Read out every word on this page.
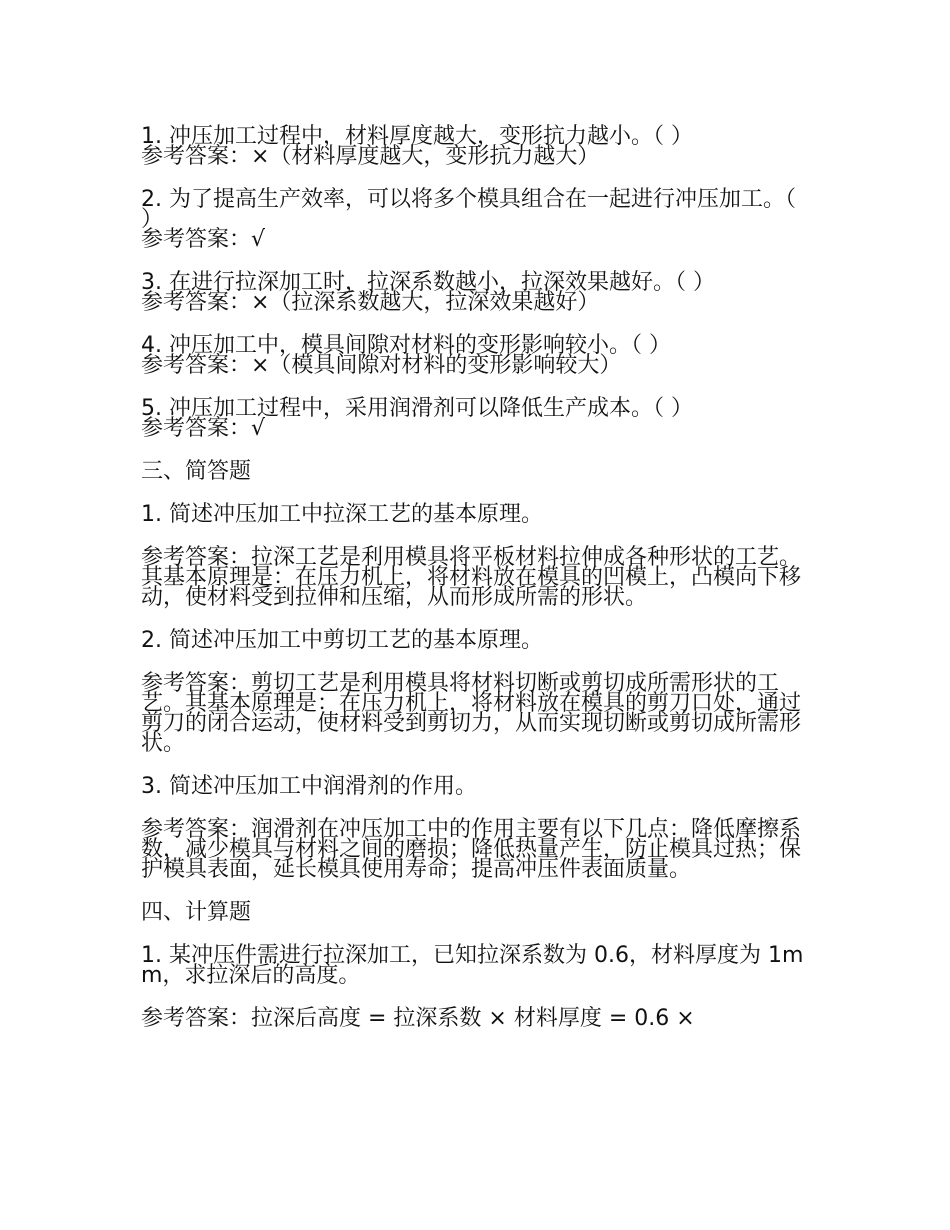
1. 冲压加工过程中，材料厚度越大，变形抗力越小。（ ）

参考答案：×（材料厚度越大，变形抗力越大）

2. 为了提高生产效率，可以将多个模具组合在一起进行冲压加工。（ ）

参考答案：√

3. 在进行拉深加工时，拉深系数越小，拉深效果越好。（ ）

参考答案：×（拉深系数越大，拉深效果越好）

4. 冲压加工中，模具间隙对材料的变形影响较小。（ ）

参考答案：×（模具间隙对材料的变形影响较大）

5. 冲压加工过程中，采用润滑剂可以降低生产成本。（ ）

参考答案：√

三、简答题

1. 简述冲压加工中拉深工艺的基本原理。

参考答案：拉深工艺是利用模具将平板材料拉伸成各种形状的工艺。其基本原理是：在压力机上，将材料放在模具的凹模上，凸模向下移动，使材料受到拉伸和压缩，从而形成所需的形状。

2. 简述冲压加工中剪切工艺的基本原理。

参考答案：剪切工艺是利用模具将材料切断或剪切成所需形状的工艺。其基本原理是：在压力机上，将材料放在模具的剪刀口处，通过剪刀的闭合运动，使材料受到剪切力，从而实现切断或剪切成所需形状。

3. 简述冲压加工中润滑剂的作用。

参考答案：润滑剂在冲压加工中的作用主要有以下几点：降低摩擦系数，减少模具与材料之间的磨损；降低热量产生，防止模具过热；保护模具表面，延长模具使用寿命；提高冲压件表面质量。

四、计算题

1. 某冲压件需进行拉深加工，已知拉深系数为 0.6，材料厚度为 1mm，求拉深后的高度。

参考答案：拉深后高度 = 拉深系数 × 材料厚度 = 0.6 ×
